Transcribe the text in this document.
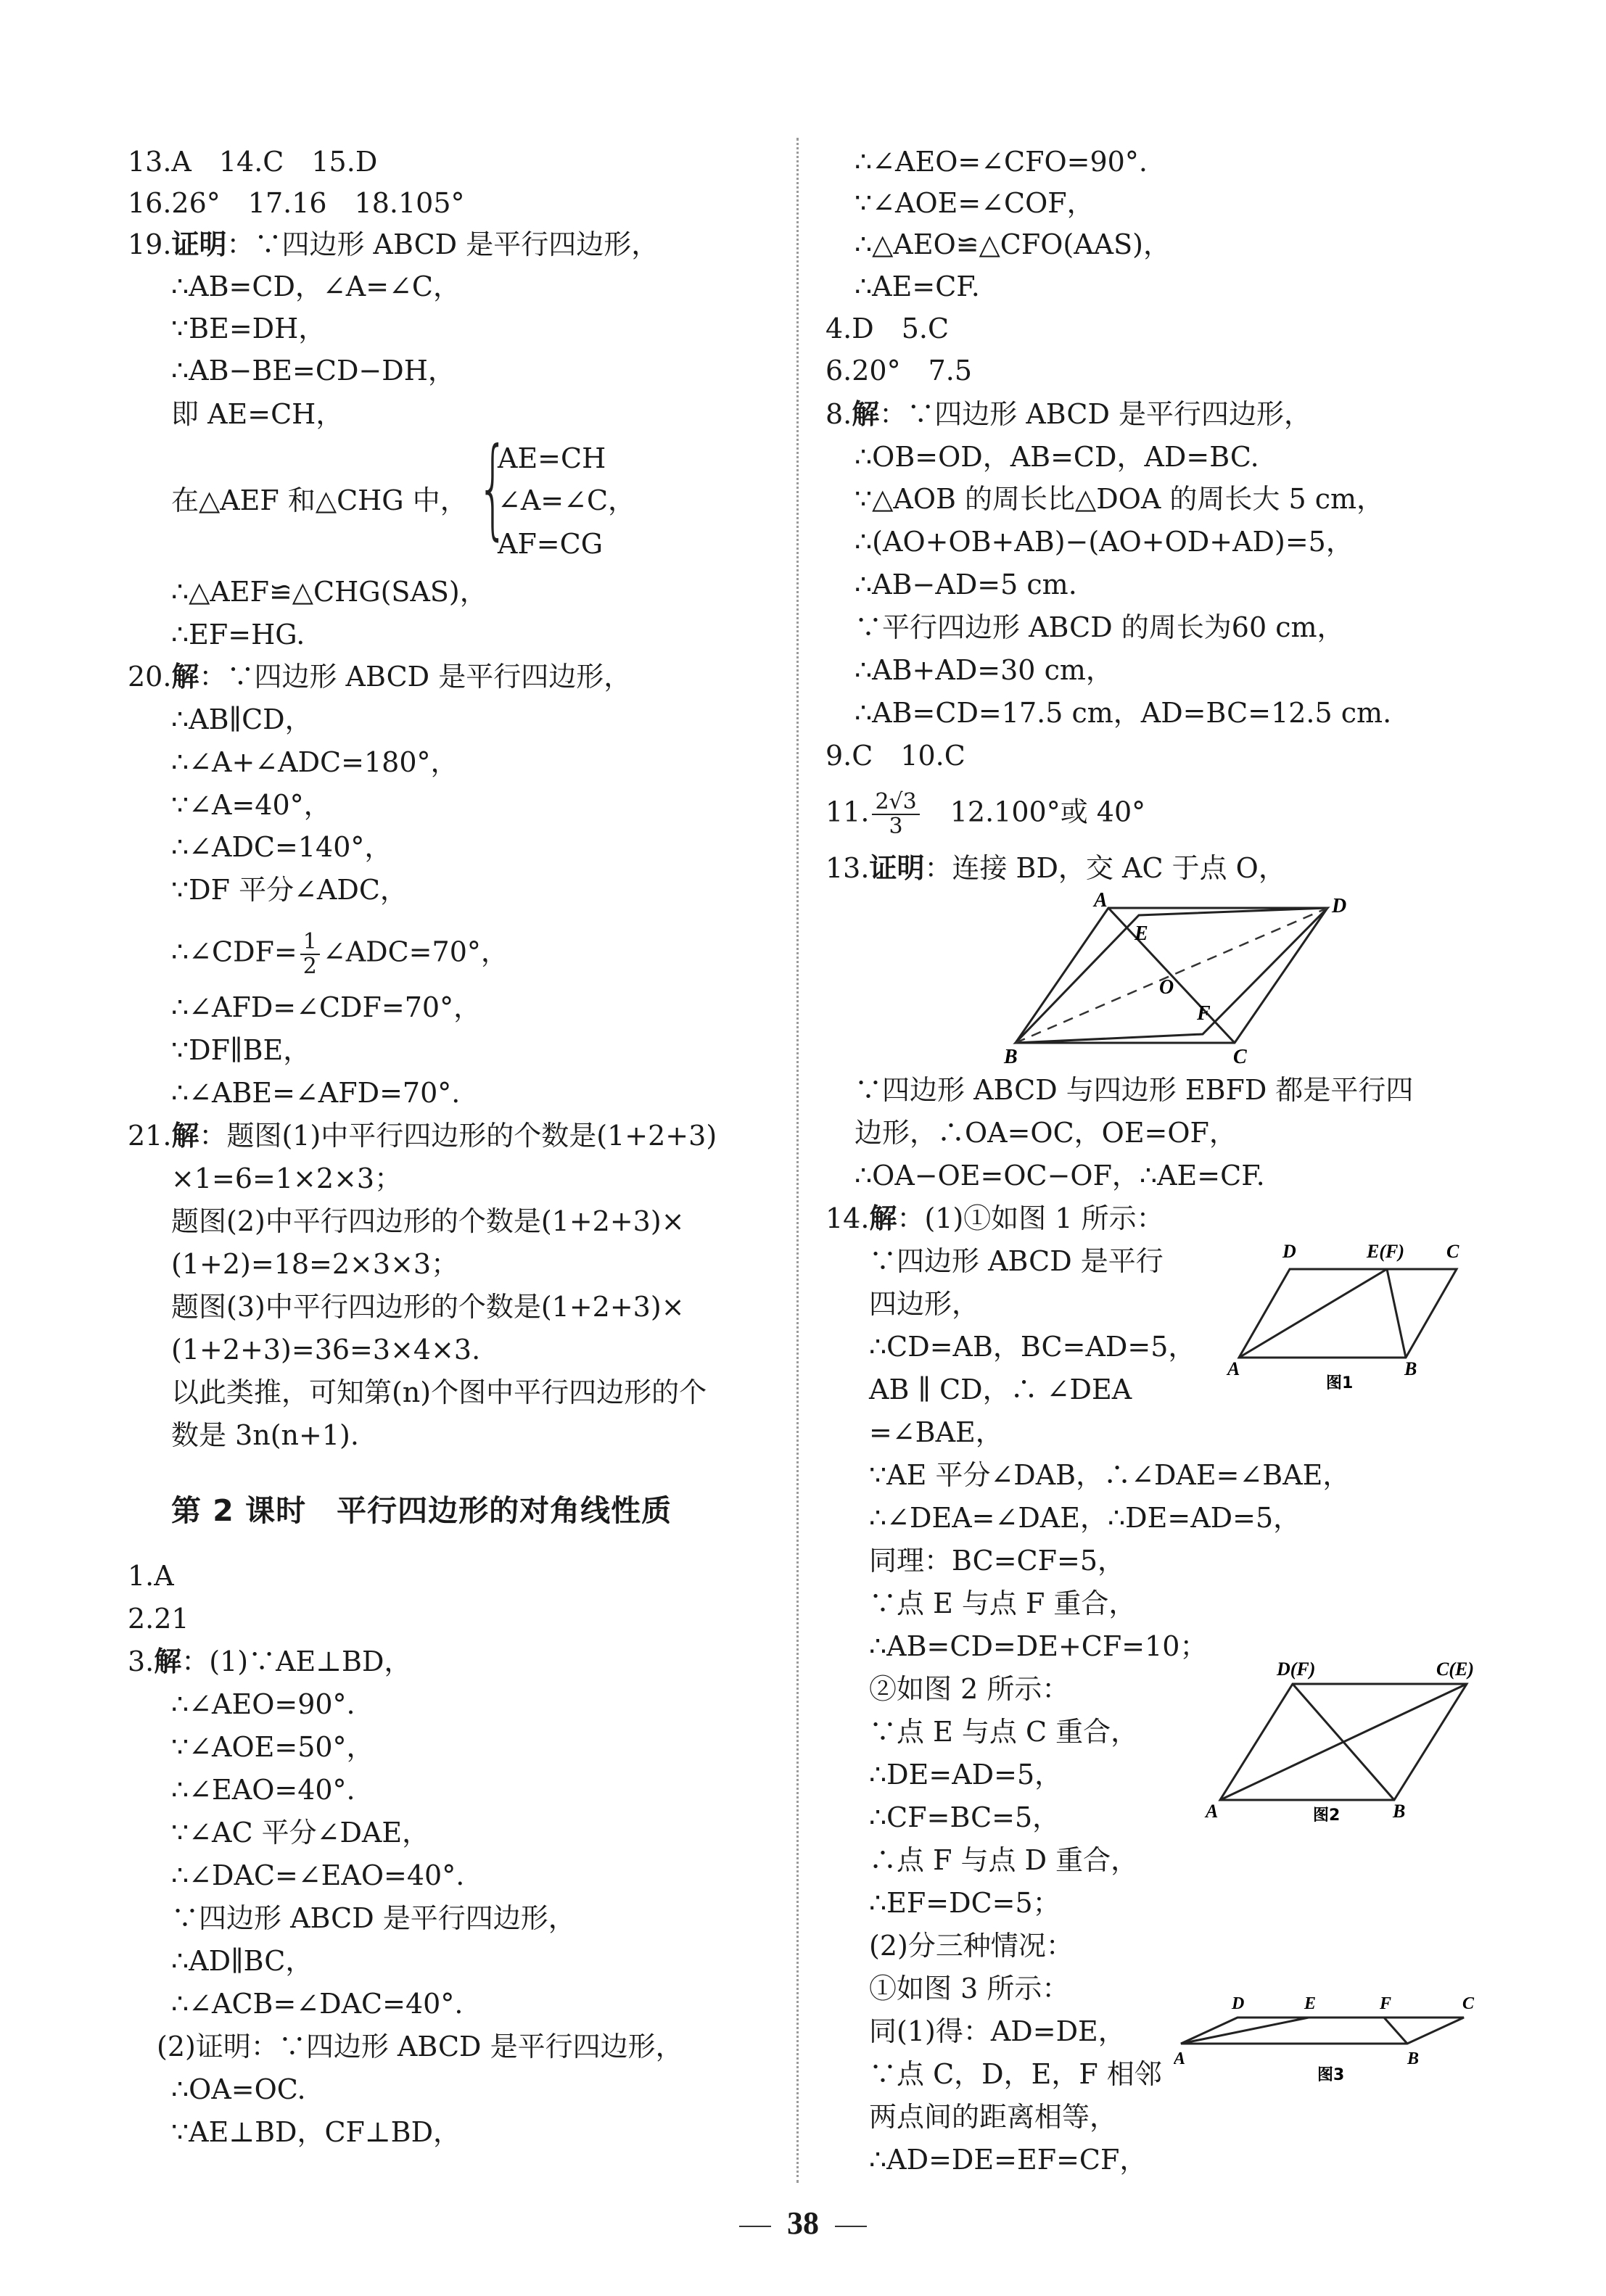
13.A　14.C　15.D
16.26°　17.16　18.105°
19.证明：∵四边形 ABCD 是平行四边形，
∴AB=CD，∠A=∠C，
∵BE=DH，
∴AB−BE=CD−DH，
即 AE=CH，
在△AEF 和△CHG 中， {
AE=CH
∠A=∠C，
AF=CG
∴△AEF≌△CHG(SAS)，
∴EF=HG.
20.解：∵四边形 ABCD 是平行四边形，
∴AB∥CD，
∴∠A+∠ADC=180°，
∵∠A=40°，
∴∠ADC=140°，
∵DF 平分∠ADC，
∴∠CDF= $\frac{1}{2}$ ∠ADC=70°，
∴∠AFD=∠CDF=70°，
∵DF∥BE，
∴∠ABE=∠AFD=70°.
21.解：题图(1)中平行四边形的个数是(1+2+3)
×1=6=1×2×3；
题图(2)中平行四边形的个数是(1+2+3)×
(1+2)=18=2×3×3；
题图(3)中平行四边形的个数是(1+2+3)×
(1+2+3)=36=3×4×3.
以此类推，可知第(n)个图中平行四边形的个
数是 3n(n+1).
第 2 课时　平行四边形的对角线性质
1.A
2.21
3.解：(1)∵AE⊥BD，
∴∠AEO=90°.
∵∠AOE=50°，
∴∠EAO=40°.
∵∠AC 平分∠DAE，
∴∠DAC=∠EAO=40°.
∵四边形 ABCD 是平行四边形，
∴AD∥BC，
∴∠ACB=∠DAC=40°.
(2)证明：∵四边形 ABCD 是平行四边形，
∴OA=OC.
∵AE⊥BD，CF⊥BD，
∴∠AEO=∠CFO=90°.
∵∠AOE=∠COF，
∴△AEO≌△CFO(AAS)，
∴AE=CF.
4.D　5.C
6.20°　7.5
8.解：∵四边形 ABCD 是平行四边形，
∴OB=OD，AB=CD，AD=BC.
∵△AOB 的周长比△DOA 的周长大 5 cm，
∴(AO+OB+AB)−(AO+OD+AD)=5，
∴AB−AD=5 cm.
∵平行四边形 ABCD 的周长为60 cm，
∴AB+AD=30 cm，
∴AB=CD=17.5 cm，AD=BC=12.5 cm.
9.C　10.C
11. $\frac{2√3}{3}$ 　12.100°或 40°
13.证明：连接 BD，交 AC 于点 O，
A
E
D
O
F
B	C
∵四边形 ABCD 与四边形 EBFD 都是平行四
边形，∴OA=OC，OE=OF，
∴OA−OE=OC−OF，∴AE=CF.
14.解：(1)①如图 1 所示：
∵四边形 ABCD 是平行
四边形，
∴CD=AB，BC=AD=5，
AB ∥ CD，∴ ∠DEA
=∠BAE，
D	E(F) C
A	B
图1
∵AE 平分∠DAB，∴∠DAE=∠BAE，
∴∠DEA=∠DAE，∴DE=AD=5，
同理：BC=CF=5，
∵点 E 与点 F 重合，
∴AB=CD=DE+CF=10；
②如图 2 所示：
∵点 E 与点 C 重合，
∴DE=AD=5，
∴CF=BC=5，
∴点 F 与点 D 重合，
∴EF=DC=5；
(2)分三种情况：
①如图 3 所示：
D(F)	C(E)
A	B
图2
同(1)得：AD=DE，
∵点 C，D，E，F 相邻
两点间的距离相等，
∴AD=DE=EF=CF，
D	E	F	C
A	B
图3
38
